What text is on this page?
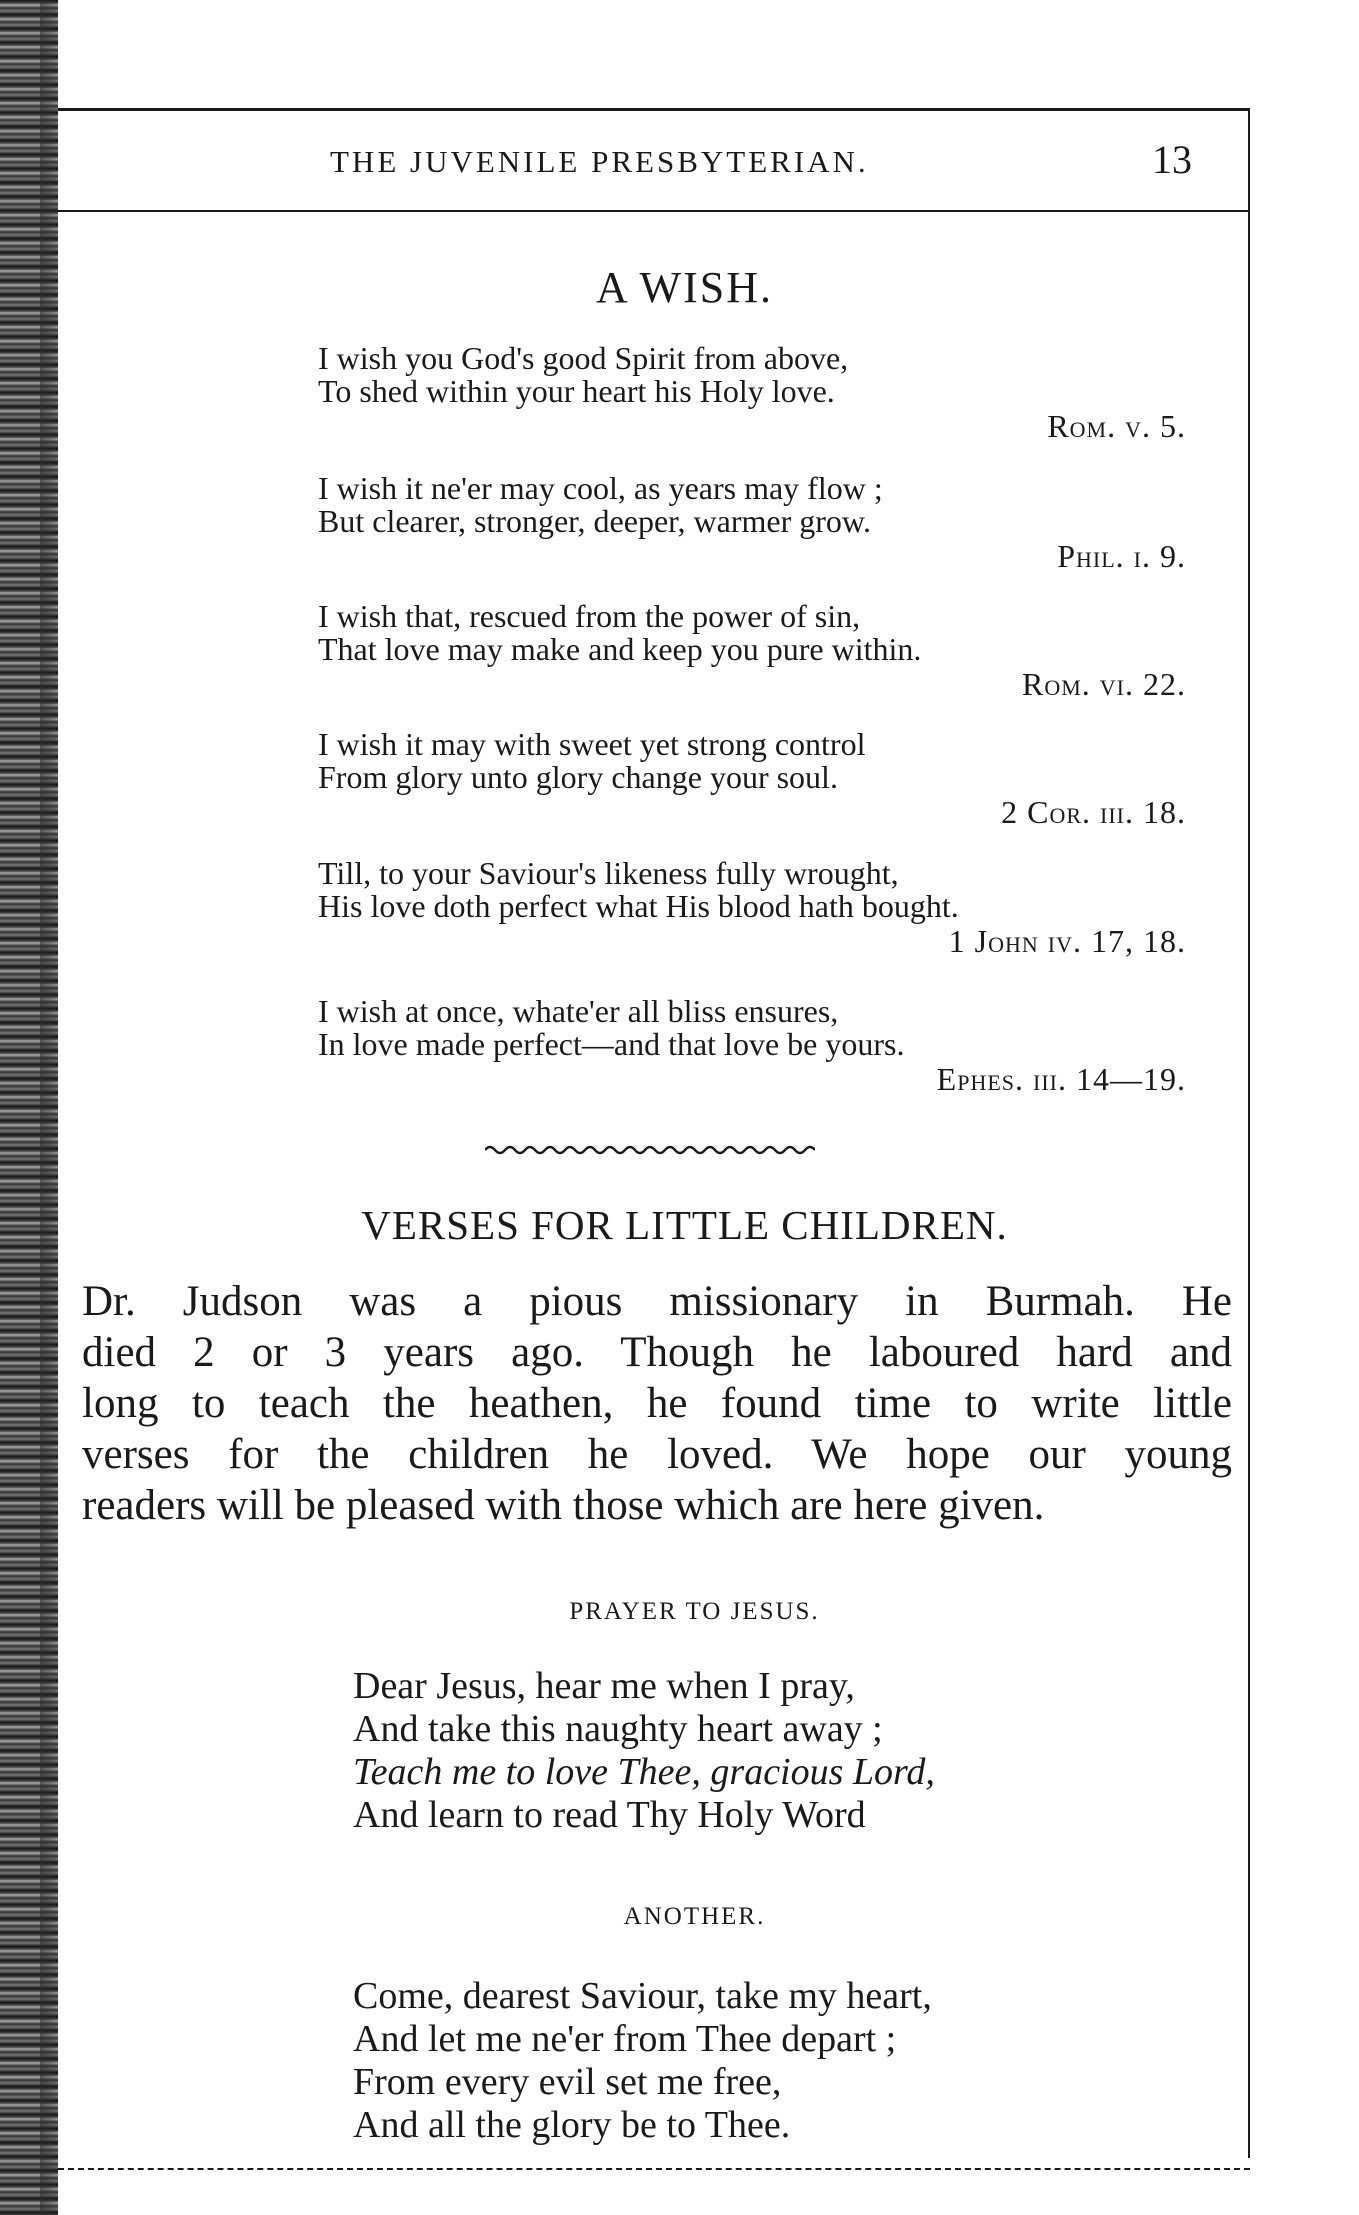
THE JUVENILE PRESBYTERIAN.	13
A WISH.
I wish you God's good Spirit from above,
To shed within your heart his Holy love.
Rom. v. 5.
I wish it ne'er may cool, as years may flow ;
But clearer, stronger, deeper, warmer grow.
Phil. i. 9.
I wish that, rescued from the power of sin,
That love may make and keep you pure within.
Rom. vi. 22.
I wish it may with sweet yet strong control
From glory unto glory change your soul.
2 Cor. iii. 18.
Till, to your Saviour's likeness fully wrought,
His love doth perfect what His blood hath bought.
1 John iv. 17, 18.
I wish at once, whate'er all bliss ensures,
In love made perfect—and that love be yours.
Ephes. iii. 14—19.
VERSES FOR LITTLE CHILDREN.
Dr. Judson was a pious missionary in Burmah. He
died 2 or 3 years ago. Though he laboured hard and
long to teach the heathen, he found time to write little
verses for the children he loved. We hope our young
readers will be pleased with those which are here given.
PRAYER TO JESUS.
Dear Jesus, hear me when I pray,
And take this naughty heart away ;
Teach me to love Thee, gracious Lord,
And learn to read Thy Holy Word
ANOTHER.
Come, dearest Saviour, take my heart,
And let me ne'er from Thee depart ;
From every evil set me free,
And all the glory be to Thee.
